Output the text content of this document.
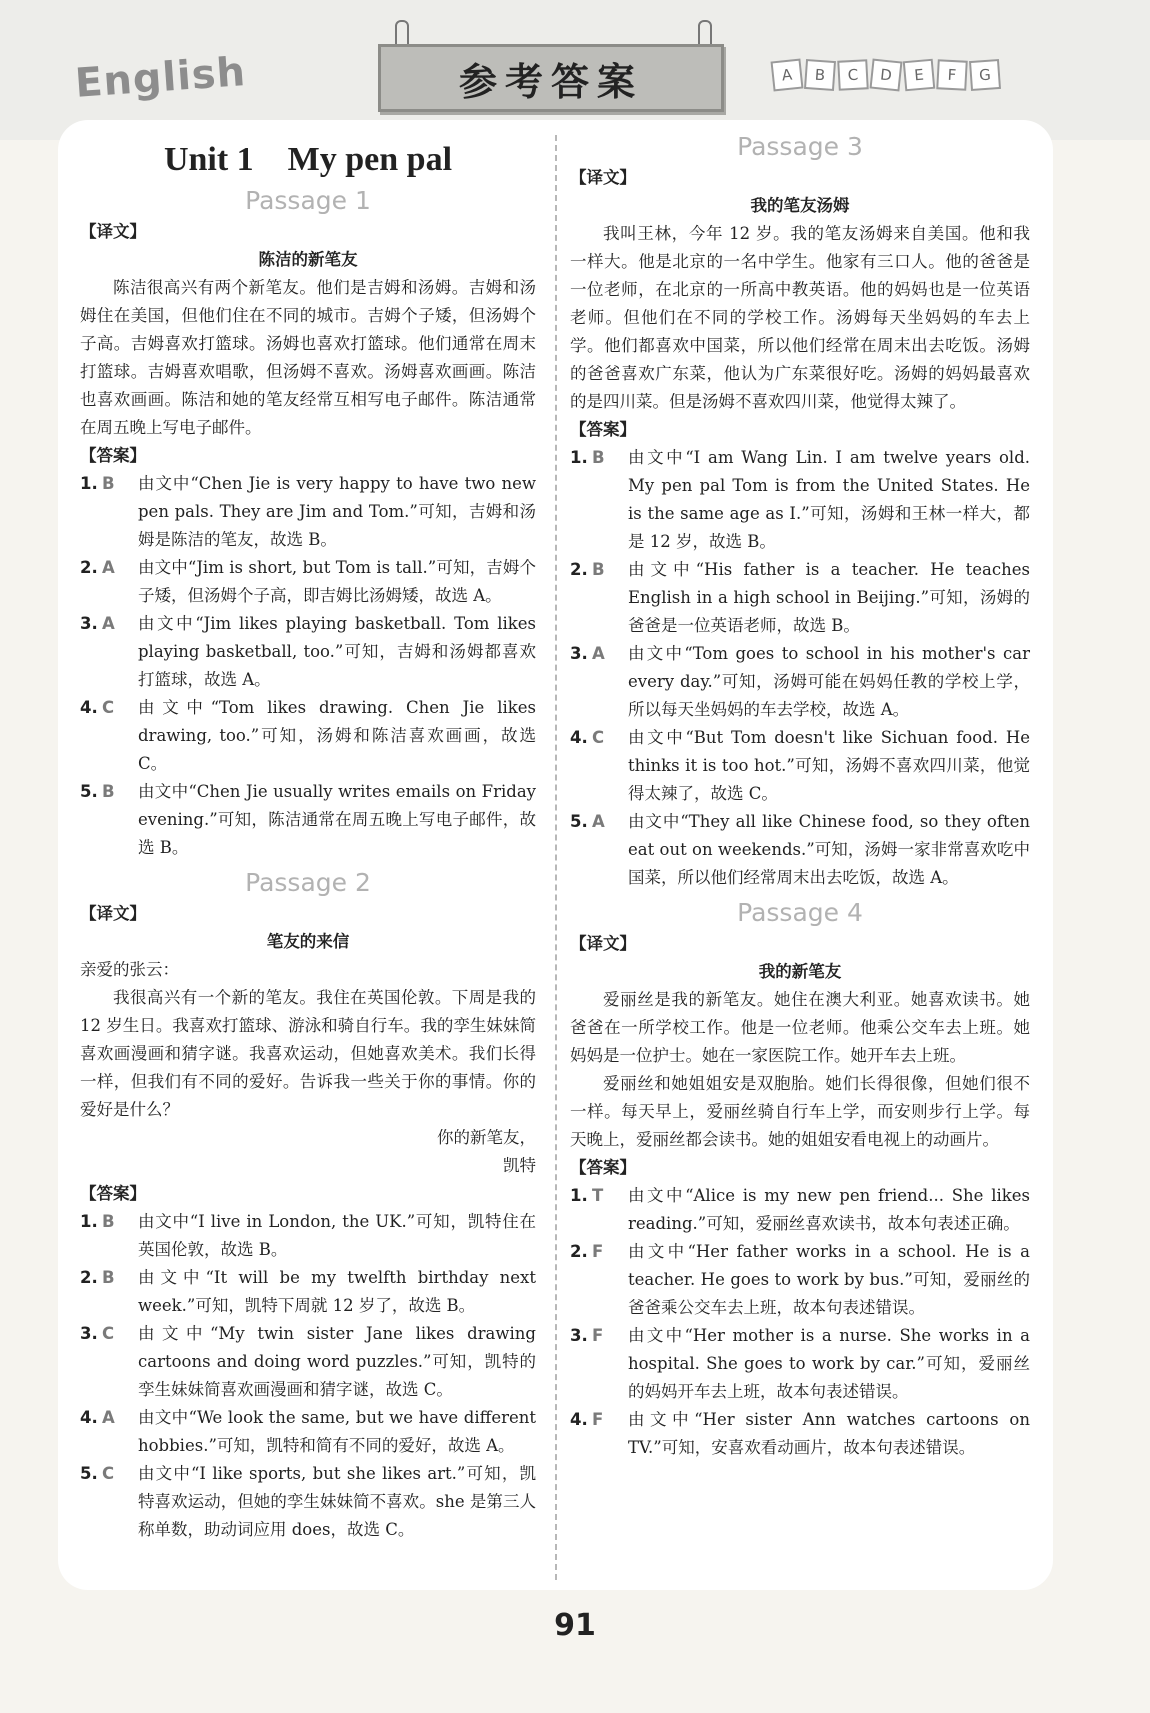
English	参考答案	A	B	C	D	E	F	G
Unit 1　My pen pal

Passage 1

【译文】

陈洁的新笔友

陈洁很高兴有两个新笔友。他们是吉姆和汤姆。吉姆和汤姆住在美国，但他们住在不同的城市。吉姆个子矮，但汤姆个子高。吉姆喜欢打篮球。汤姆也喜欢打篮球。他们通常在周末打篮球。吉姆喜欢唱歌，但汤姆不喜欢。汤姆喜欢画画。陈洁也喜欢画画。陈洁和她的笔友经常互相写电子邮件。陈洁通常在周五晚上写电子邮件。

【答案】

1. B	由文中“Chen Jie is very happy to have two new pen pals. They are Jim and Tom.”可知，吉姆和汤姆是陈洁的笔友，故选 B。
2. A	由文中“Jim is short, but Tom is tall.”可知，吉姆个子矮，但汤姆个子高，即吉姆比汤姆矮，故选 A。
3. A	由文中“Jim likes playing basketball. Tom likes playing basketball, too.”可知，吉姆和汤姆都喜欢打篮球，故选 A。
4. C	由文中“Tom likes drawing. Chen Jie likes drawing, too.”可知，汤姆和陈洁喜欢画画，故选 C。
5. B	由文中“Chen Jie usually writes emails on Friday evening.”可知，陈洁通常在周五晚上写电子邮件，故选 B。

Passage 2

【译文】

笔友的来信

亲爱的张云：

我很高兴有一个新的笔友。我住在英国伦敦。下周是我的 12 岁生日。我喜欢打篮球、游泳和骑自行车。我的孪生妹妹简喜欢画漫画和猜字谜。我喜欢运动，但她喜欢美术。我们长得一样，但我们有不同的爱好。告诉我一些关于你的事情。你的爱好是什么？

你的新笔友，

凯特

【答案】

1. B	由文中“I live in London, the UK.”可知，凯特住在英国伦敦，故选 B。
2. B	由文中“It will be my twelfth birthday next week.”可知，凯特下周就 12 岁了，故选 B。
3. C	由文中“My twin sister Jane likes drawing cartoons and doing word puzzles.”可知，凯特的孪生妹妹简喜欢画漫画和猜字谜，故选 C。
4. A	由文中“We look the same, but we have different hobbies.”可知，凯特和简有不同的爱好，故选 A。
5. C	由文中“I like sports, but she likes art.”可知，凯特喜欢运动，但她的孪生妹妹简不喜欢。she 是第三人称单数，助动词应用 does，故选 C。

Passage 3

【译文】

我的笔友汤姆

我叫王林，今年 12 岁。我的笔友汤姆来自美国。他和我一样大。他是北京的一名中学生。他家有三口人。他的爸爸是一位老师，在北京的一所高中教英语。他的妈妈也是一位英语老师。但他们在不同的学校工作。汤姆每天坐妈妈的车去上学。他们都喜欢中国菜，所以他们经常在周末出去吃饭。汤姆的爸爸喜欢广东菜，他认为广东菜很好吃。汤姆的妈妈最喜欢的是四川菜。但是汤姆不喜欢四川菜，他觉得太辣了。

【答案】

1. B	由文中“I am Wang Lin. I am twelve years old. My pen pal Tom is from the United States. He is the same age as I.”可知，汤姆和王林一样大，都是 12 岁，故选 B。
2. B	由文中“His father is a teacher. He teaches English in a high school in Beijing.”可知，汤姆的爸爸是一位英语老师，故选 B。
3. A	由文中“Tom goes to school in his mother's car every day.”可知，汤姆可能在妈妈任教的学校上学，所以每天坐妈妈的车去学校，故选 A。
4. C	由文中“But Tom doesn't like Sichuan food. He thinks it is too hot.”可知，汤姆不喜欢四川菜，他觉得太辣了，故选 C。
5. A	由文中“They all like Chinese food, so they often eat out on weekends.”可知，汤姆一家非常喜欢吃中国菜，所以他们经常周末出去吃饭，故选 A。

Passage 4

【译文】

我的新笔友

爱丽丝是我的新笔友。她住在澳大利亚。她喜欢读书。她爸爸在一所学校工作。他是一位老师。他乘公交车去上班。她妈妈是一位护士。她在一家医院工作。她开车去上班。

爱丽丝和她姐姐安是双胞胎。她们长得很像，但她们很不一样。每天早上，爱丽丝骑自行车上学，而安则步行上学。每天晚上，爱丽丝都会读书。她的姐姐安看电视上的动画片。

【答案】

1. T	由文中“Alice is my new pen friend... She likes reading.”可知，爱丽丝喜欢读书，故本句表述正确。
2. F	由文中“Her father works in a school. He is a teacher. He goes to work by bus.”可知，爱丽丝的爸爸乘公交车去上班，故本句表述错误。
3. F	由文中“Her mother is a nurse. She works in a hospital. She goes to work by car.”可知，爱丽丝的妈妈开车去上班，故本句表述错误。
4. F	由文中“Her sister Ann watches cartoons on TV.”可知，安喜欢看动画片，故本句表述错误。
91
